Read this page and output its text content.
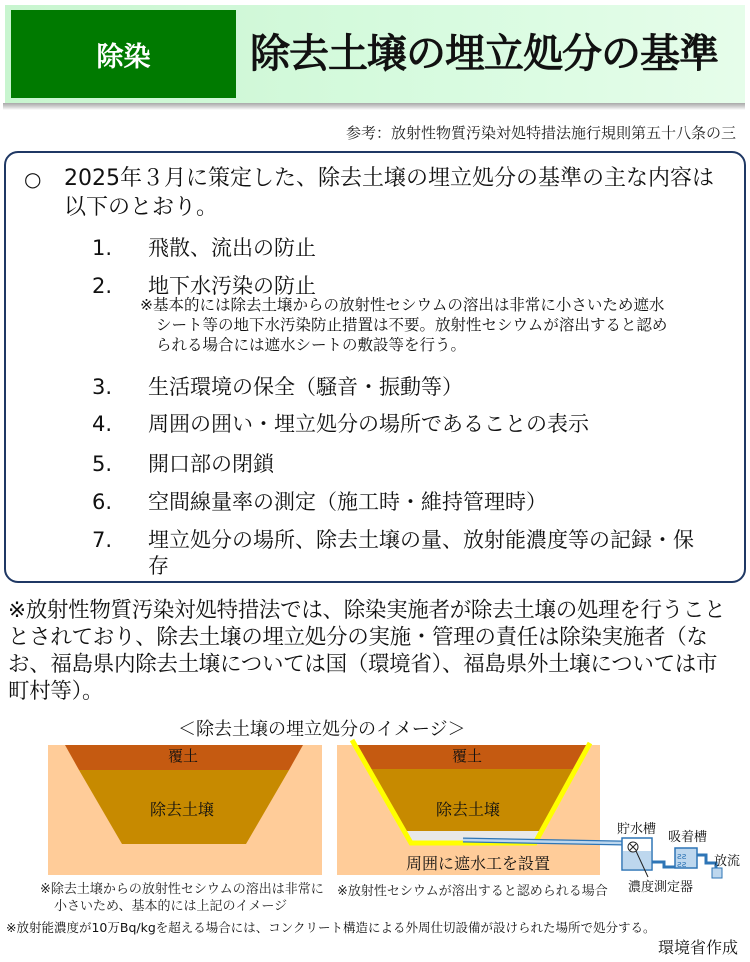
除染	除去土壌の埋立処分の基準
参考：放射性物質汚染対処特措法施行規則第五十八条の三
○ 2025年３月に策定した、除去土壌の埋立処分の基準の主な内容は以下のとおり。
1. 飛散、流出の防止
2. 地下水汚染の防止
※基本的には除去土壌からの放射性セシウムの溶出は非常に小さいため遮水
シート等の地下水汚染防止措置は不要。放射性セシウムが溶出すると認め
られる場合には遮水シートの敷設等を行う。
3. 生活環境の保全（騒音・振動等）
4. 周囲の囲い・埋立処分の場所であることの表示
5. 開口部の閉鎖
6. 空間線量率の測定（施工時・維持管理時）
7. 埋立処分の場所、除去土壌の量、放射能濃度等の記録・保
存
※放射性物質汚染対処特措法では、除染実施者が除去土壌の処理を行うこととされており、除去土壌の埋立処分の実施・管理の責任は除染実施者（なお、福島県内除去土壌については国（環境省）、福島県外土壌については市町村等）。
＜除去土壌の埋立処分のイメージ＞
ƨƨ
ƨƨ
覆土
除去土壌
覆土
除去土壌
周囲に遮水工を設置
貯水槽
吸着槽
放流
濃度測定器
※除去土壌からの放射性セシウムの溶出は非常に
小さいため、基本的には上記のイメージ
※放射性セシウムが溶出すると認められる場合
※放射能濃度が10万Bq/kgを超える場合には、コンクリート構造による外周仕切設備が設けられた場所で処分する。
環境省作成
